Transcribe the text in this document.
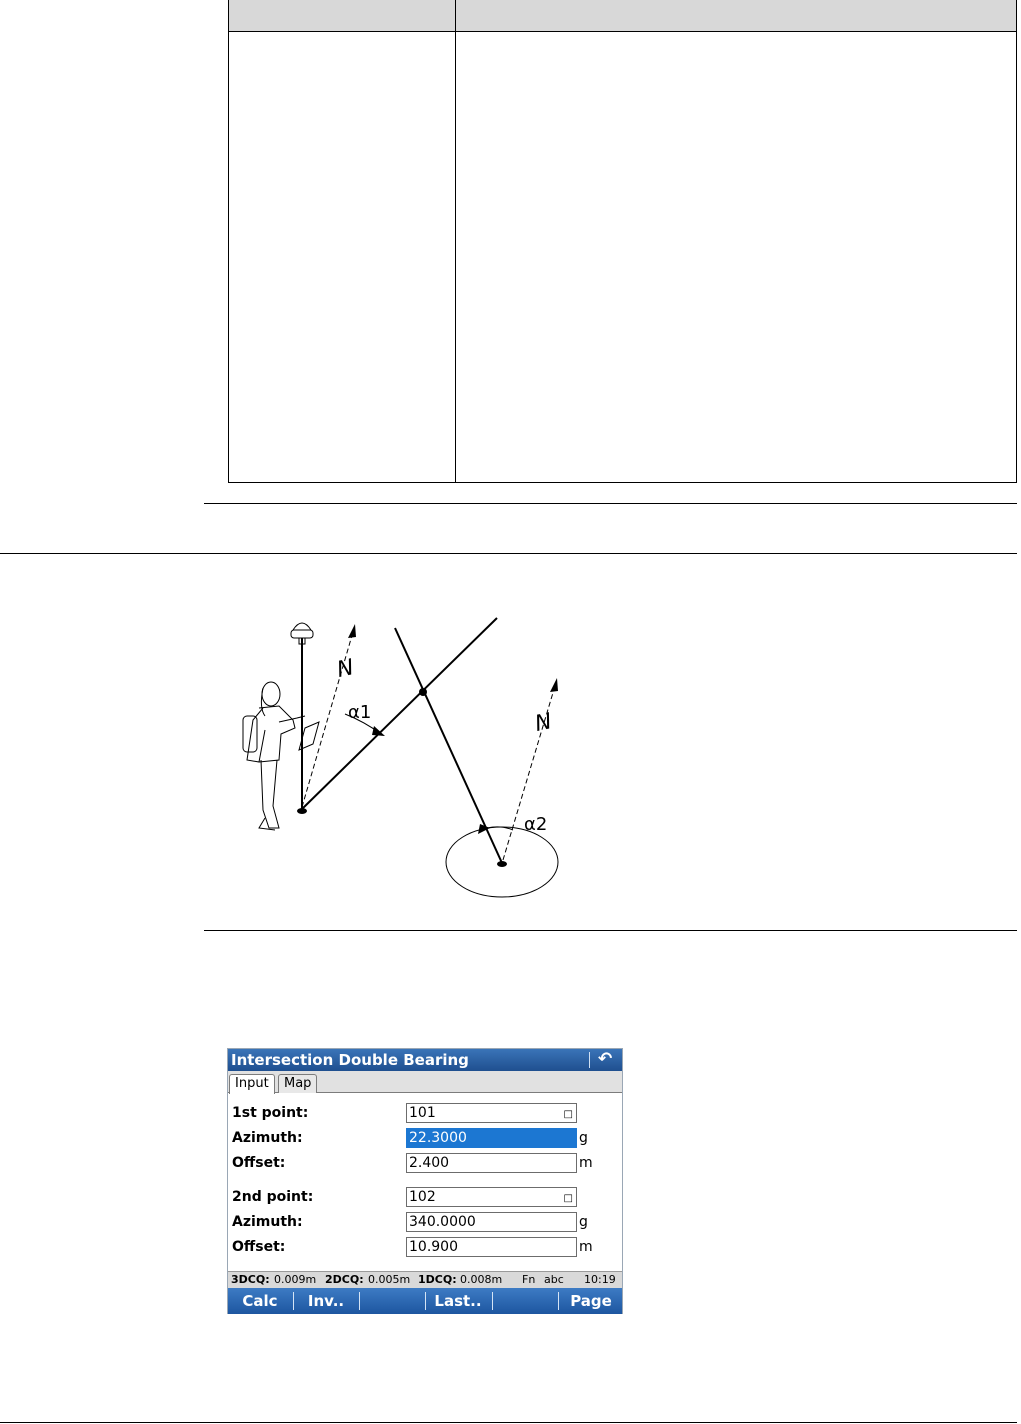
N
N
α1
α2
Intersection Double Bearing	↶
Input	Map
1st point:	101	□
Azimuth:	22.3000	g
Offset:	2.400	m
2nd point:	102	□
Azimuth:	340.0000	g
Offset:	10.900	m
3DCQ: 0.009m 2DCQ: 0.005m 1DCQ: 0.008m Fn abc 10:19
Calc	Inv..	Last..	Page
